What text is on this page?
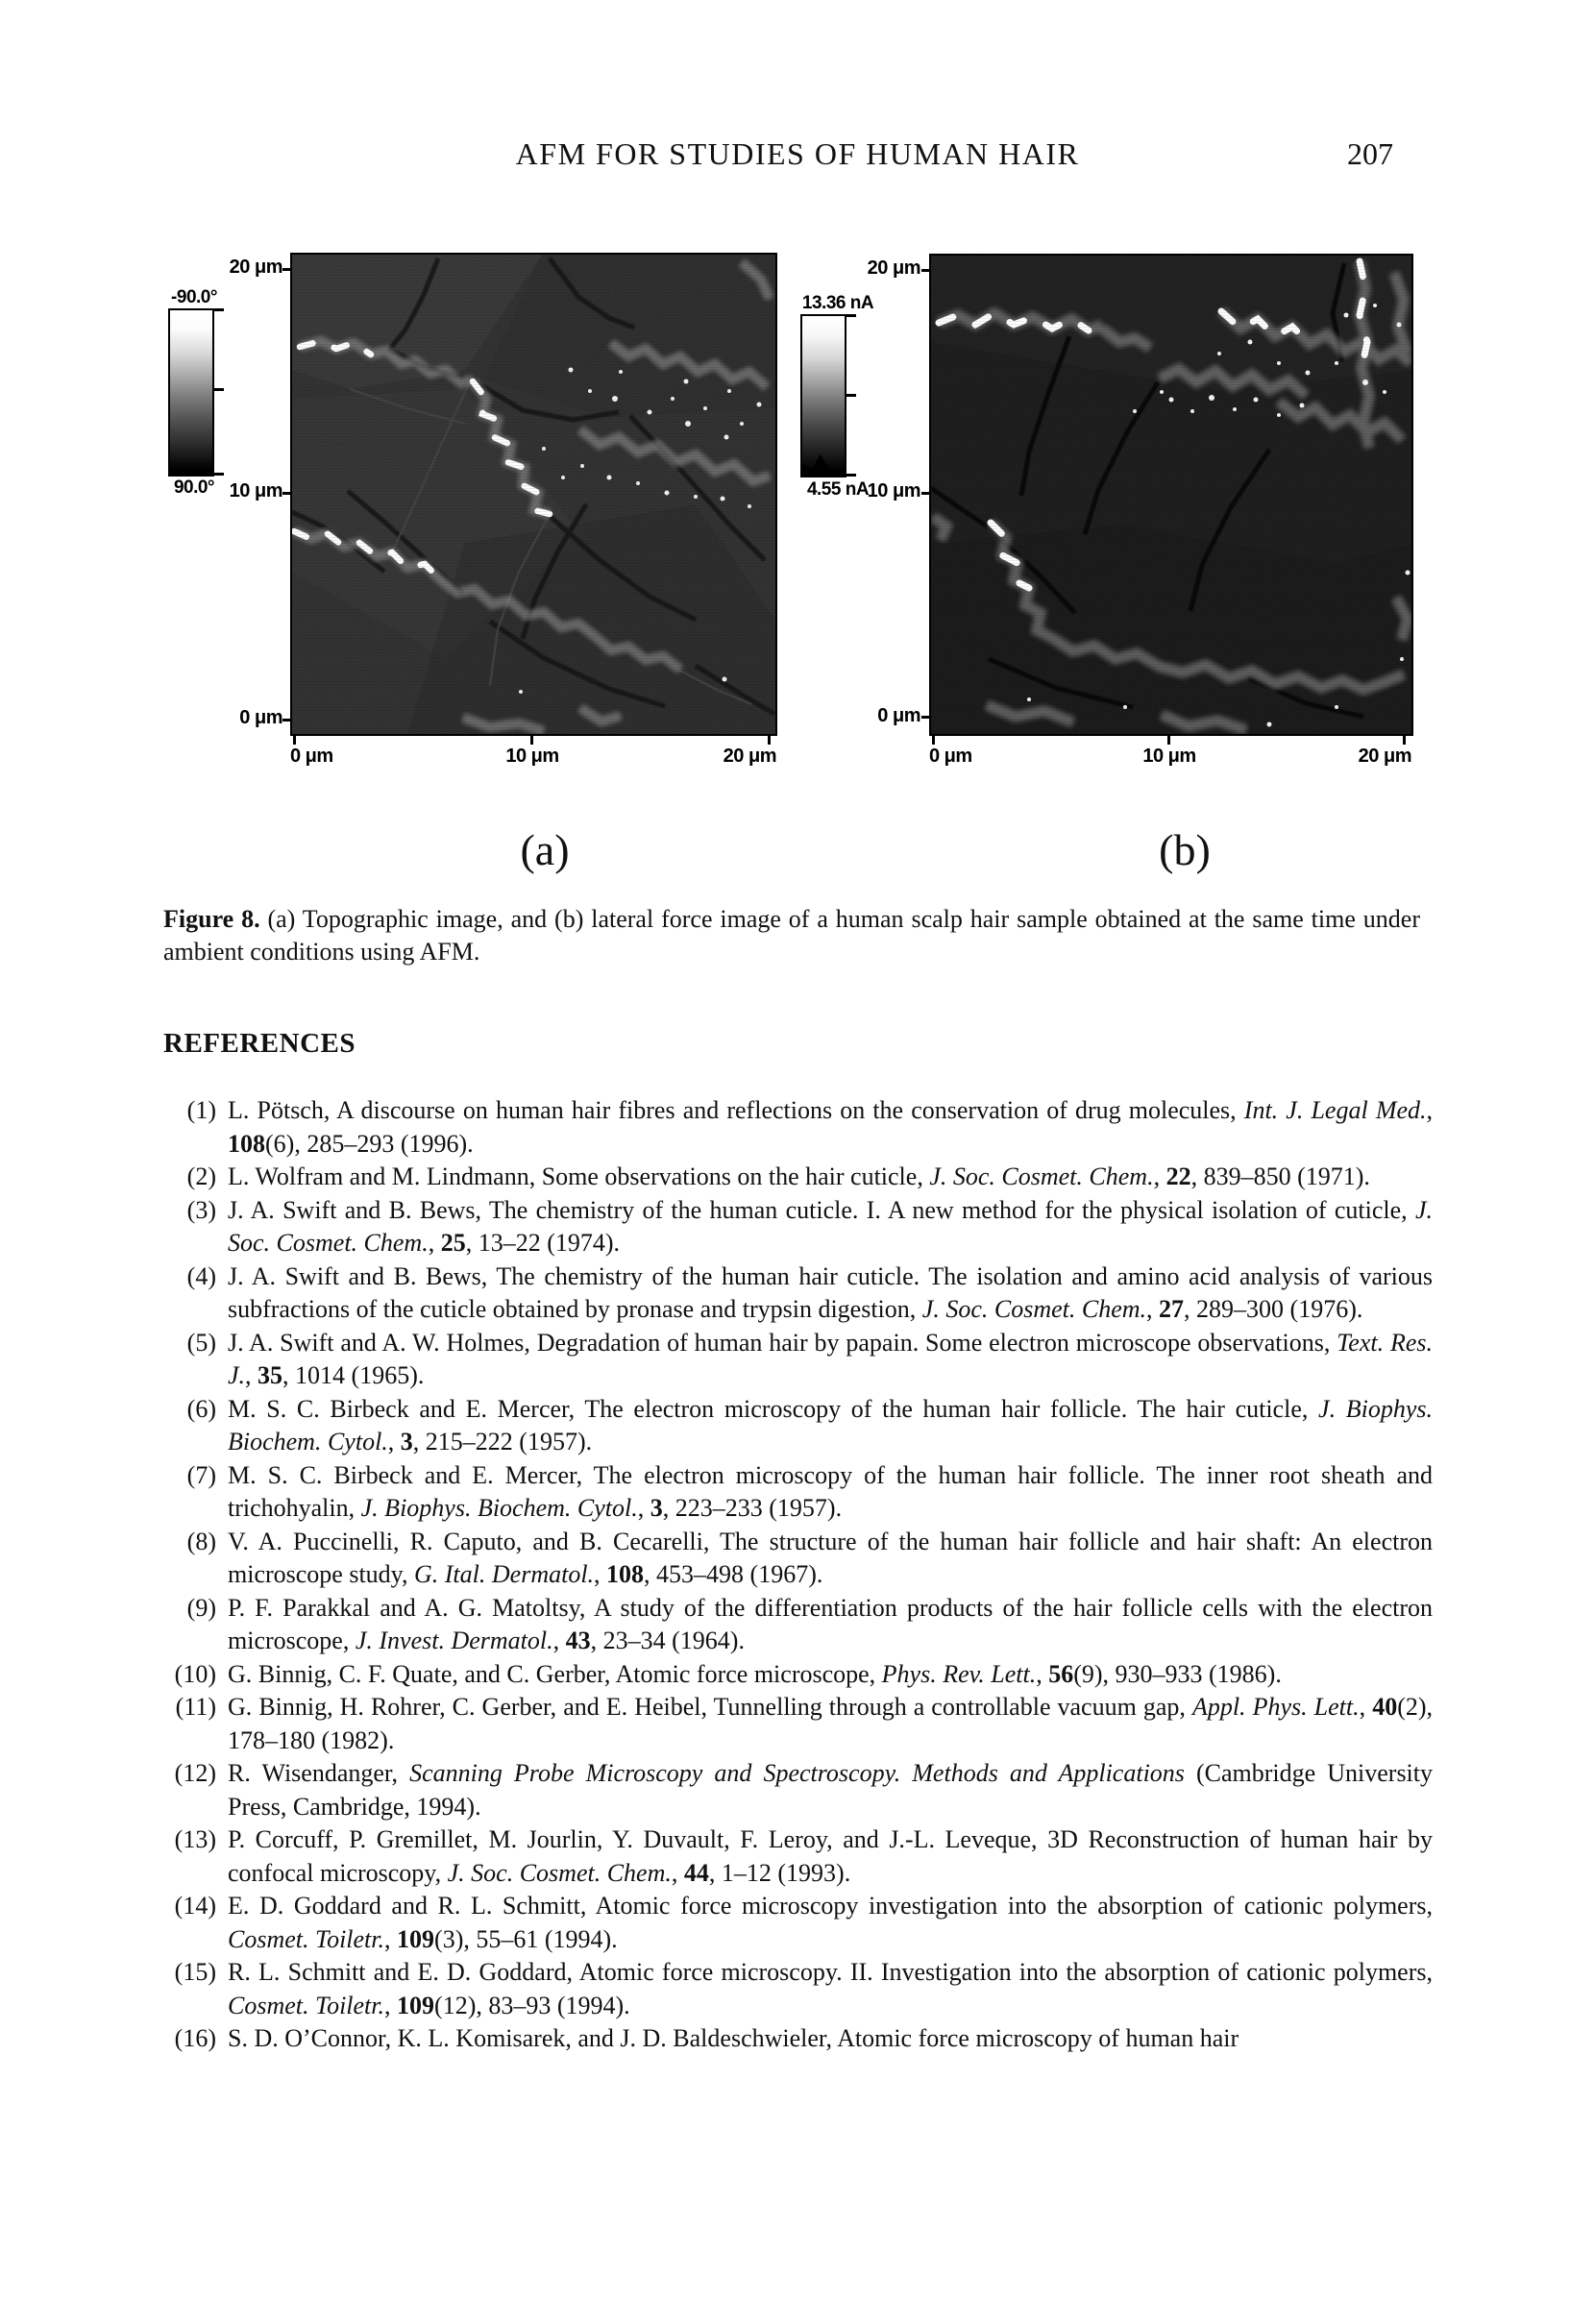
AFM FOR STUDIES OF HUMAN HAIR	207
-90.0°
90.0°
20 μm
10 μm
0 μm
0 μm	10 μm	20 μm
13.36 nA
4.55 nA
20 μm
10 μm
0 μm
0 μm	10 μm	20 μm
(a)	(b)
Figure 8. (a) Topographic image, and (b) lateral force image of a human scalp hair sample obtained at the same time under ambient conditions using AFM.
REFERENCES
(1) L. Pötsch, A discourse on human hair fibres and reflections on the conservation of drug molecules, Int. J. Legal Med., 108(6), 285–293 (1996).
(2) L. Wolfram and M. Lindmann, Some observations on the hair cuticle, J. Soc. Cosmet. Chem., 22, 839–850 (1971).
(3) J. A. Swift and B. Bews, The chemistry of the human cuticle. I. A new method for the physical isolation of cuticle, J. Soc. Cosmet. Chem., 25, 13–22 (1974).
(4) J. A. Swift and B. Bews, The chemistry of the human hair cuticle. The isolation and amino acid analysis of various subfractions of the cuticle obtained by pronase and trypsin digestion, J. Soc. Cosmet. Chem., 27, 289–300 (1976).
(5) J. A. Swift and A. W. Holmes, Degradation of human hair by papain. Some electron microscope observations, Text. Res. J., 35, 1014 (1965).
(6) M. S. C. Birbeck and E. Mercer, The electron microscopy of the human hair follicle. The hair cuticle, J. Biophys. Biochem. Cytol., 3, 215–222 (1957).
(7) M. S. C. Birbeck and E. Mercer, The electron microscopy of the human hair follicle. The inner root sheath and trichohyalin, J. Biophys. Biochem. Cytol., 3, 223–233 (1957).
(8) V. A. Puccinelli, R. Caputo, and B. Cecarelli, The structure of the human hair follicle and hair shaft: An electron microscope study, G. Ital. Dermatol., 108, 453–498 (1967).
(9) P. F. Parakkal and A. G. Matoltsy, A study of the differentiation products of the hair follicle cells with the electron microscope, J. Invest. Dermatol., 43, 23–34 (1964).
(10) G. Binnig, C. F. Quate, and C. Gerber, Atomic force microscope, Phys. Rev. Lett., 56(9), 930–933 (1986).
(11) G. Binnig, H. Rohrer, C. Gerber, and E. Heibel, Tunnelling through a controllable vacuum gap, Appl. Phys. Lett., 40(2), 178–180 (1982).
(12) R. Wisendanger, Scanning Probe Microscopy and Spectroscopy. Methods and Applications (Cambridge University Press, Cambridge, 1994).
(13) P. Corcuff, P. Gremillet, M. Jourlin, Y. Duvault, F. Leroy, and J.-L. Leveque, 3D Reconstruction of human hair by confocal microscopy, J. Soc. Cosmet. Chem., 44, 1–12 (1993).
(14) E. D. Goddard and R. L. Schmitt, Atomic force microscopy investigation into the absorption of cationic polymers, Cosmet. Toiletr., 109(3), 55–61 (1994).
(15) R. L. Schmitt and E. D. Goddard, Atomic force microscopy. II. Investigation into the absorption of cationic polymers, Cosmet. Toiletr., 109(12), 83–93 (1994).
(16) S. D. O’Connor, K. L. Komisarek, and J. D. Baldeschwieler, Atomic force microscopy of human hair
